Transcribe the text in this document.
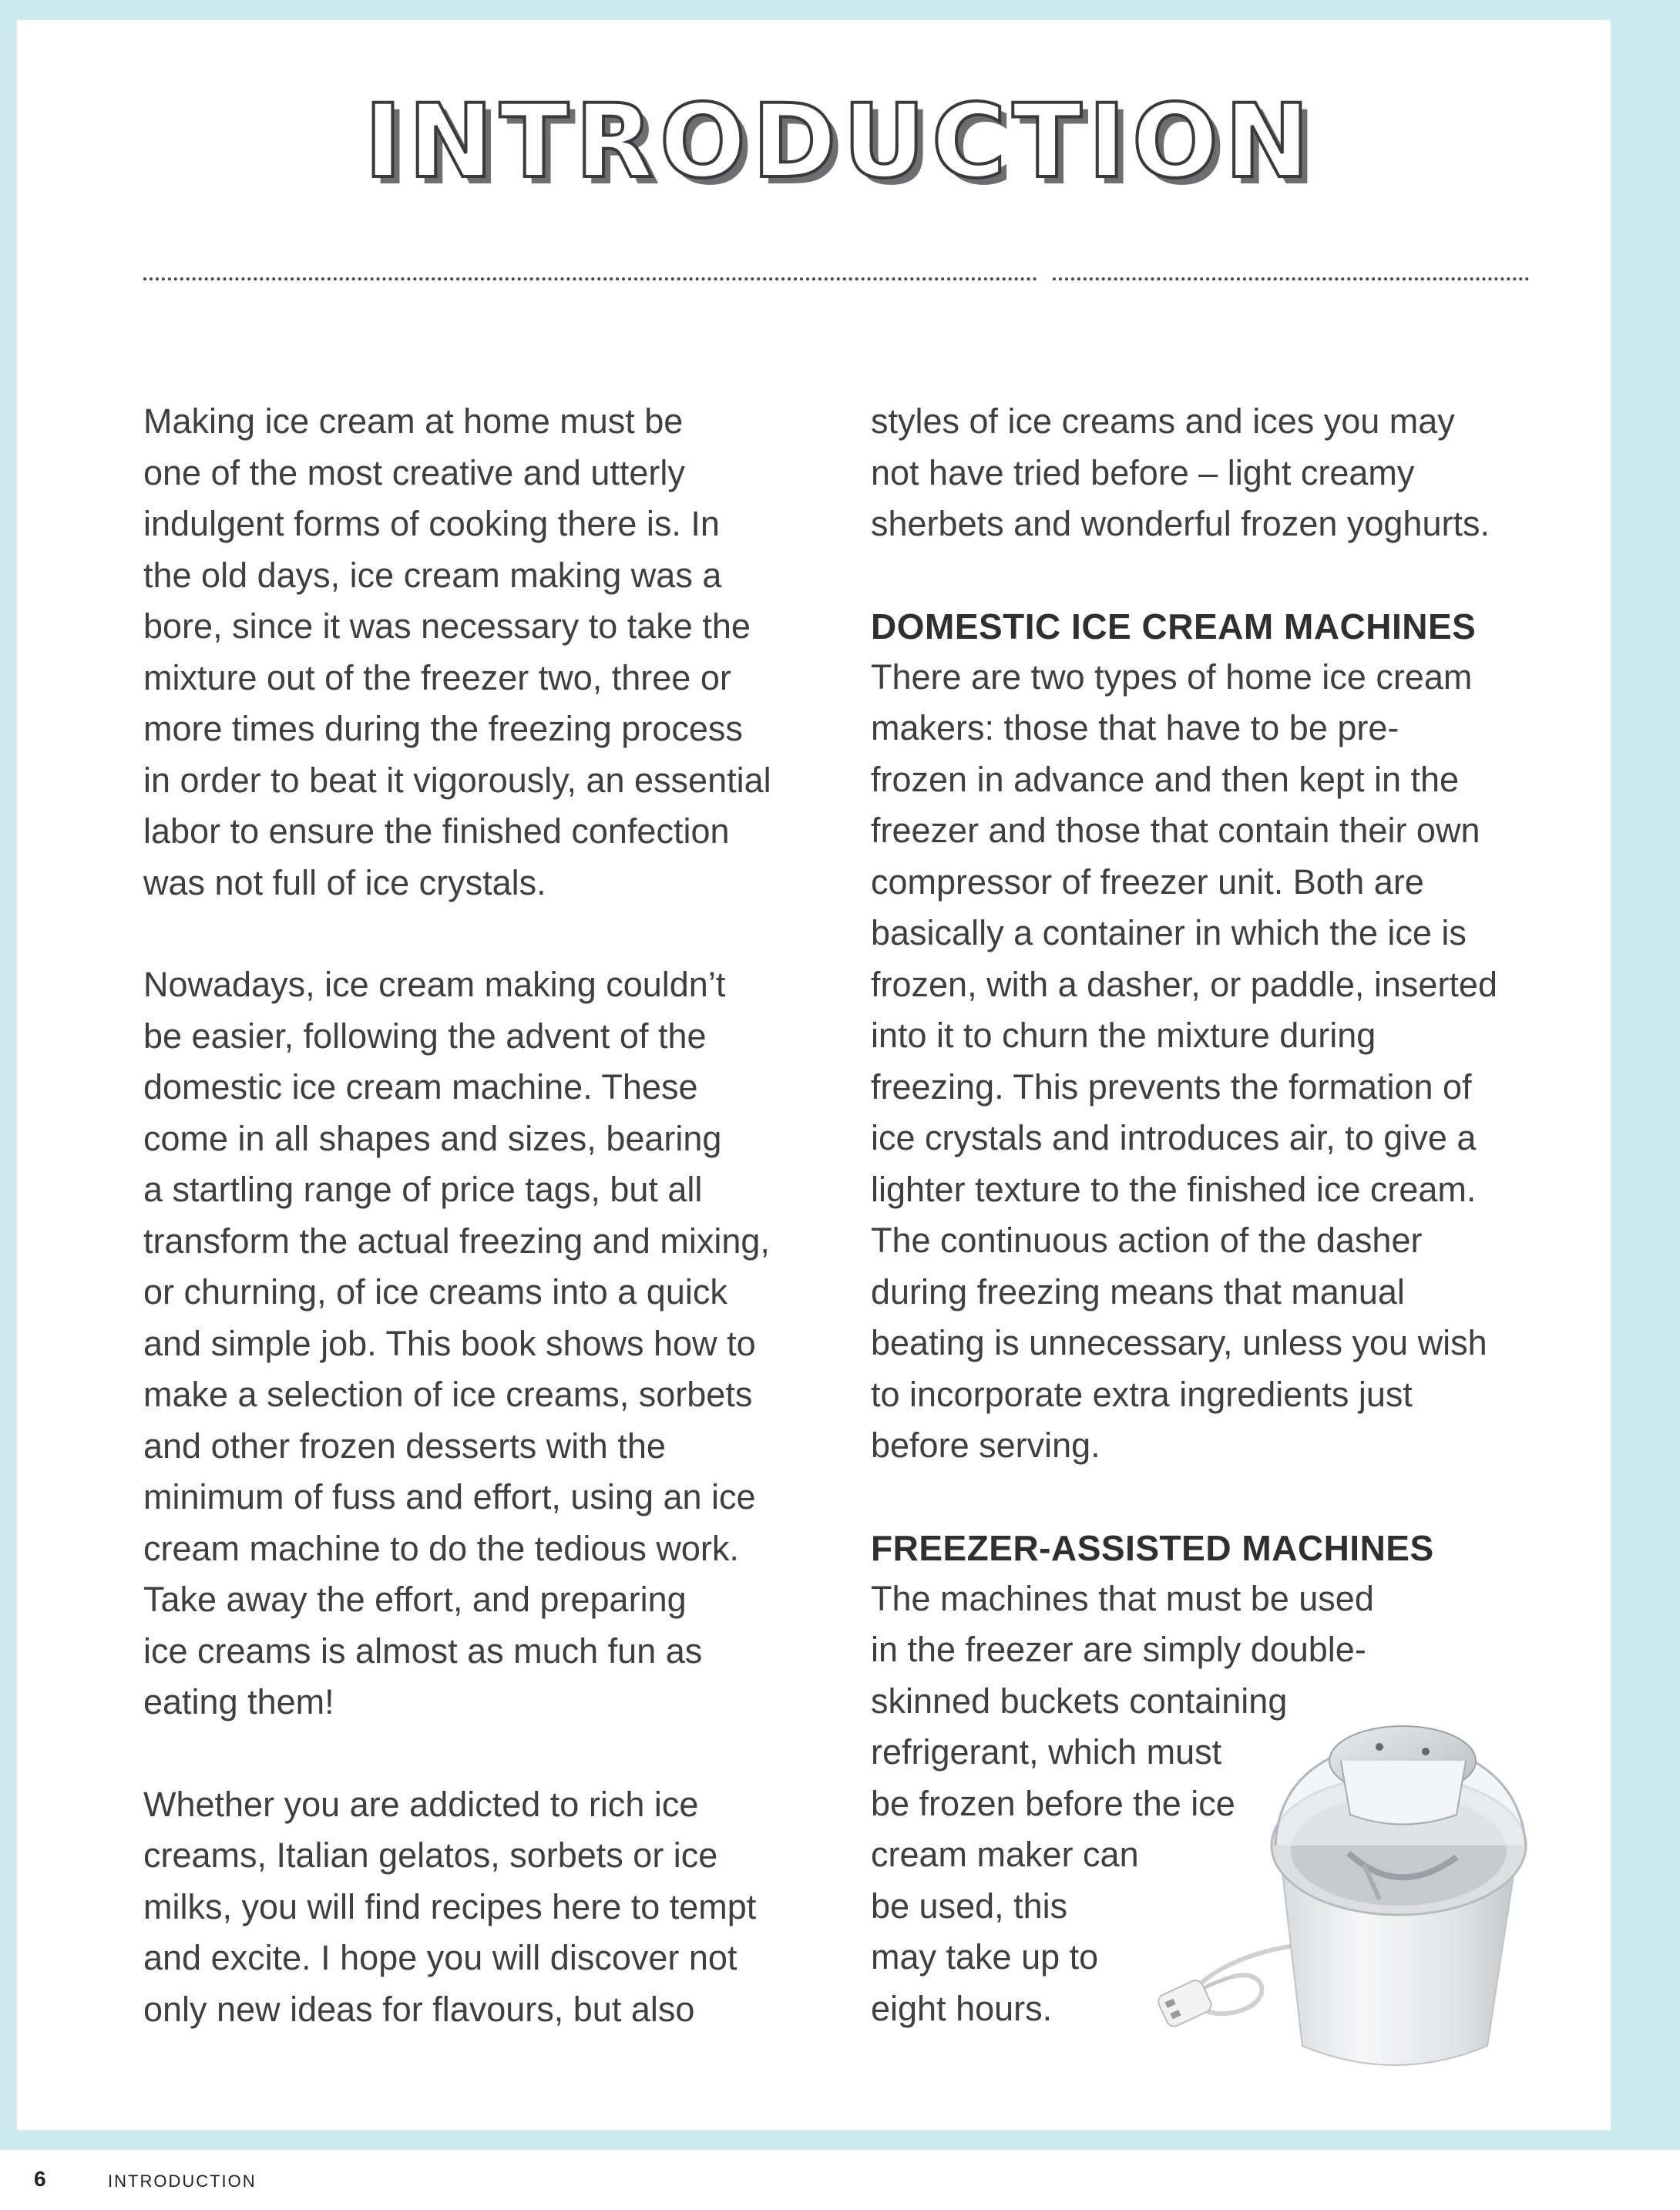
INTRODUCTION

Making ice cream at home must be
one of the most creative and utterly
indulgent forms of cooking there is. In
the old days, ice cream making was a
bore, since it was necessary to take the
mixture out of the freezer two, three or
more times during the freezing process
in order to beat it vigorously, an essential
labor to ensure the finished confection
was not full of ice crystals.

Nowadays, ice cream making couldn’t
be easier, following the advent of the
domestic ice cream machine. These
come in all shapes and sizes, bearing
a startling range of price tags, but all
transform the actual freezing and mixing,
or churning, of ice creams into a quick
and simple job. This book shows how to
make a selection of ice creams, sorbets
and other frozen desserts with the
minimum of fuss and effort, using an ice
cream machine to do the tedious work.
Take away the effort, and preparing
ice creams is almost as much fun as
eating them!

Whether you are addicted to rich ice
creams, Italian gelatos, sorbets or ice
milks, you will find recipes here to tempt
and excite. I hope you will discover not
only new ideas for flavours, but also

styles of ice creams and ices you may
not have tried before – light creamy
sherbets and wonderful frozen yoghurts.

DOMESTIC ICE CREAM MACHINES

There are two types of home ice cream
makers: those that have to be pre-
frozen in advance and then kept in the
freezer and those that contain their own
compressor of freezer unit. Both are
basically a container in which the ice is
frozen, with a dasher, or paddle, inserted
into it to churn the mixture during
freezing. This prevents the formation of
ice crystals and introduces air, to give a
lighter texture to the finished ice cream.
The continuous action of the dasher
during freezing means that manual
beating is unnecessary, unless you wish
to incorporate extra ingredients just
before serving.

FREEZER-ASSISTED MACHINES

The machines that must be used
in the freezer are simply double-
skinned buckets containing
refrigerant, which must
be frozen before the ice
cream maker can
be used, this
may take up to
eight hours.

6	INTRODUCTION
